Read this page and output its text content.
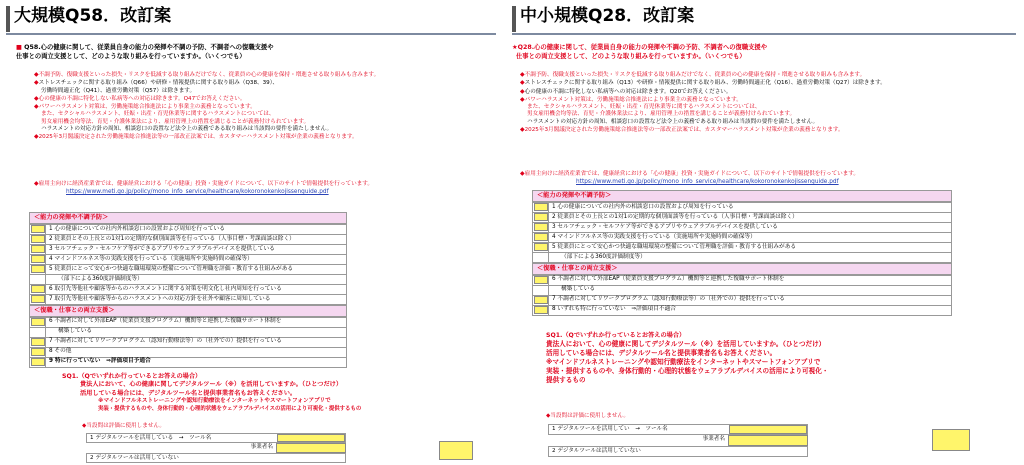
大規模Q58．改訂案
■ Q58.心の健康に関して、従業員自身の能力の発揮や不調の予防、不調者への復職支援や
仕事との両立支援として、どのような取り組みを行っていますか。（いくつでも）
◆不調予防、復職支援といった損失・リスクを低減する取り組みだけでなく、従業員の心の健康を保持・増進させる取り組みも含みます。
◆ストレスチェックに関する取り組み（Q66）や研修・情報提供に関する取り組み（Q38、39）、
労働時間適正化（Q41）、過重労働対策（Q57）は除きます。
◆心の健康の不調に特化しない私病等への対応は除きます。Q47でお答えください。
◆パワーハラスメント対策は、労働施策総合推進法により事業主の義務となっています。
また、セクシャルハラスメント、妊娠・出産・育児休業等に関するハラスメントについては、
男女雇用機会均等法、育児・介護休業法により、雇用管理上の措置を講じることが義務付けられています。
ハラスメントの対応方針の周知、相談窓口の設置など法令上の義務である取り組みは当該問の要件を満たしません。
◆2025年3月閣議決定された労働施策総合推進法等の一部改正法案では、カスタマーハラスメント対策が企業の義務となります。
◆雇用主向けに経済産業省では、健康経営における「心の健康」投資・実施ガイドについて、以下のサイトで情報提供を行っています。
https://www.meti.go.jp/policy/mono_info_service/healthcare/kokoronokenkojissenguide.pdf
＜能力の発揮や不調予防＞
	1 心の健康についての社内外相談窓口の設置および周知を行っている

	2 従業員とその上長との1対1の定期的な個別面談等を行っている（人事目標・考課面談は除く）

	3 セルフチェック・セルフケア等ができるアプリやウェアラブルデバイスを提供している

	4 マインドフルネス等の実践支援を行っている（実施場所や実施時間の確保等）

	5 従業員にとって安心かつ快適な職場環境の整備について管理職を評価・教育する仕組みがある
	（部下による360度評価制度等）

	6 取引先等他社や顧客等からのハラスメントに関する対策を明文化し社内周知を行っている

	7 取引先等他社や顧客等からのハラスメントへの対応方針を社外や顧客に周知している
＜復職・仕事との両立支援＞
	6 不調者に対して外部EAP（従業員支援プログラム）機関等と連携した復職サポート体制を
	構築している

	7 不調者に対してリワークプログラム（認知行動療法等）の（社外での）提供を行っている

	8 その他

	9 特に行っていない　⇒評価項目予通合
SQ1.（Qでいずれか行っているとお答えの場合）
貴法人において、心の健康に関してデジタルツール（※）を活用していますか。（ひとつだけ）
活用している場合には、デジタルツール名と提供事業者名もお答えください。
※マインドフルネストレーニングや認知行動療法をインターネットやスマートフォンアプリで
実装・提供するものや、身体行動的・心理的状態をウェアラブルデバイスの活用により可視化・提供するもの
◆当設問は評価に使用しません。
1 デジタルツールを活用している　→　ツール名
事業者名
2 デジタルツールは活用していない
中小規模Q28．改訂案
★Q28.心の健康に関して、従業員自身の能力の発揮や不調の予防、不調者への復職支援や
仕事との両立支援として、どのような取り組みを行っていますか。（いくつでも）
◆不調予防、復職支援といった損失・リスクを低減する取り組みだけでなく、従業員の心の健康を保持・増進させる取り組みも含みます。
◆ストレスチェックに関する取り組み（Q13）や研修・情報提供に関する取り組み、労働時間適正化（Q16）、過重労働対策（Q27）は除きます。
◆心の健康の不調に特化しない私病等への対応は除きます。Q20でお答えください。
◆パワーハラスメント対策は、労働施策総合推進法により事業主の義務となっています。
また、セクシャルハラスメント、妊娠・出産・育児休業等に関するハラスメントについては、
男女雇用機会均等法、育児・介護休業法により、雇用管理上の措置を講じることが義務付けられています。
ハラスメントの対応方針の周知、相談窓口の設置など法令上の義務である取り組みは当該問の要件を満たしません。
◆2025年3月閣議決定された労働施策総合推進法等の一部改正法案では、カスタマーハラスメント対策が企業の義務となります。
◆雇用主向けに経済産業省では、健康経営における「心の健康」投資・実施ガイドについて、以下のサイトで情報提供を行っています。
https://www.meti.go.jp/policy/mono_info_service/healthcare/kokoronokenkojissenguide.pdf
＜能力の発揮や不調予防＞
	1 心の健康についての社内外の相談窓口の設置および周知を行っている

	2 従業員とその上長との1対1の定期的な個別面談等を行っている（人事目標・考課面談は除く）

	3 セルフチェック・セルフケア等ができるアプリやウェアラブルデバイスを提供している

	4 マインドフルネス等の実践支援を行っている（実施場所や実施時間の確保等）

	5 従業員にとって安心かつ快適な職場環境の整備について管理職を評価・教育する仕組みがある
	（部下による360度評価制度等）
＜復職・仕事との両立支援＞
	6 不調者に対して外部EAP（従業員支援プログラム）機関等と連携した復職サポート体制を
	構築している

	7 不調者に対してリワークプログラム（認知行動療法等）の（社外での）提供を行っている

	8 いずれも特に行っていない　⇒評価項目不適合
SQ1.（Qでいずれか行っているとお答えの場合）
貴法人において、心の健康に関してデジタルツール（※）を活用していますか。（ひとつだけ）
活用している場合には、デジタルツール名と提供事業者名もお答えください。
※マインドフルネストレーニングや認知行動療法をインターネットやスマートフォンアプリで
実装・提供するものや、身体行動的・心理的状態をウェアラブルデバイスの活用により可視化・
提供するもの
◆当設問は評価に使用しません。
1 デジタルツールを活用してい　→　ツール名
事業者名
2 デジタルツールは活用していない
